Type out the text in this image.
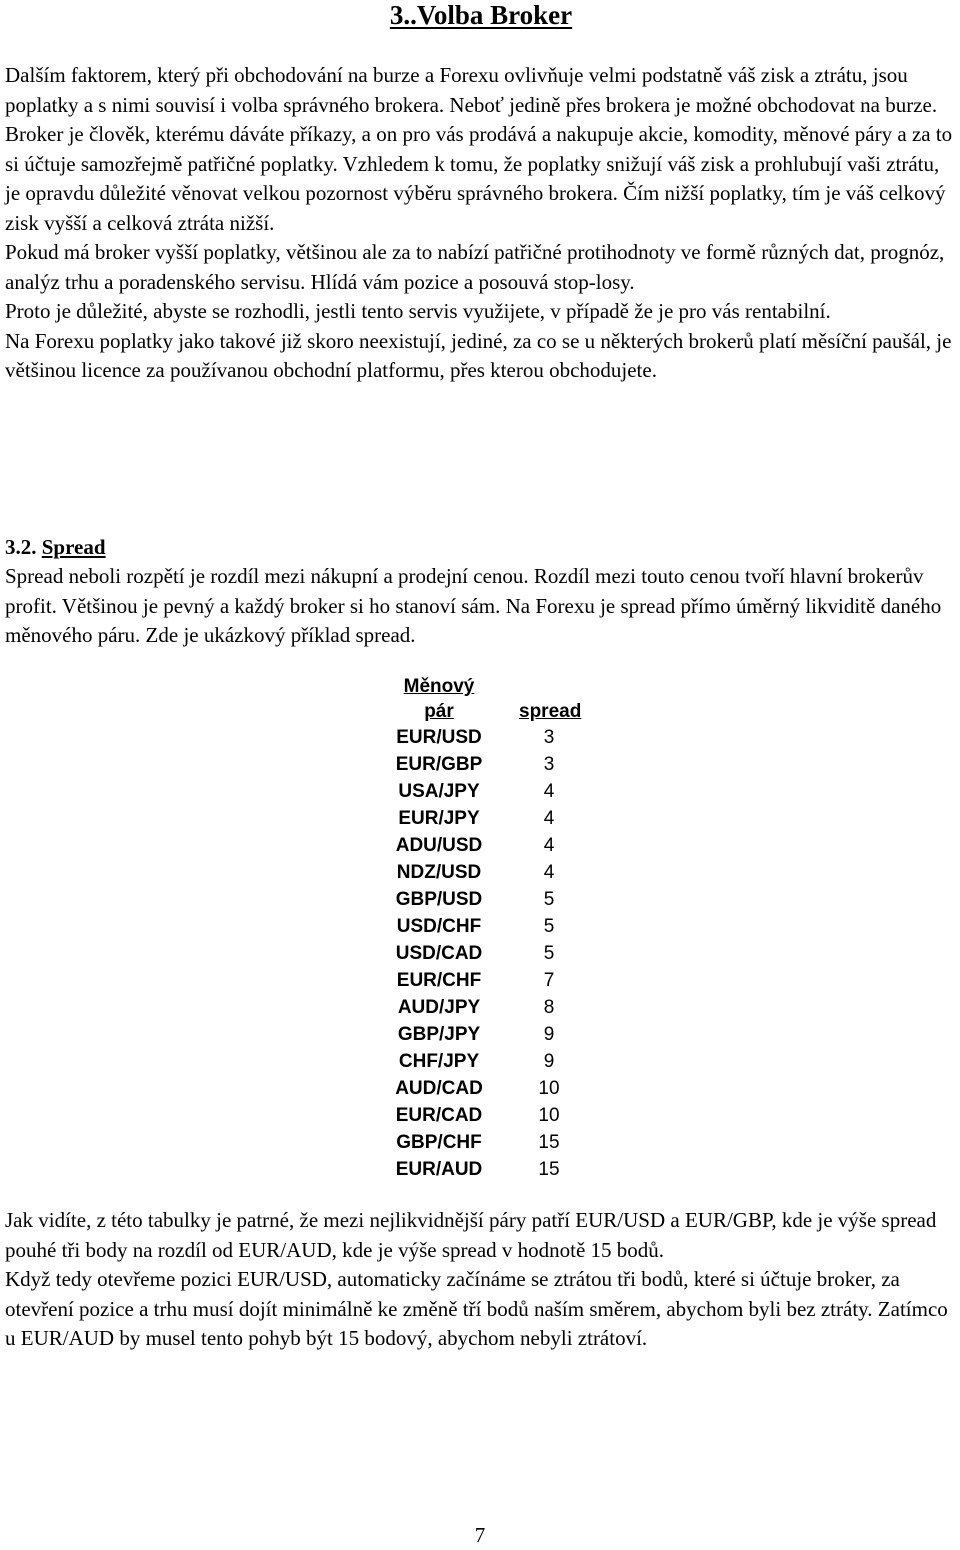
3..Volba Broker

Dalším faktorem, který při obchodování na burze a Forexu ovlivňuje velmi podstatně váš zisk a ztrátu, jsou poplatky a s nimi souvisí i volba správného brokera. Neboť jedině přes brokera je možné obchodovat na burze. Broker je člověk, kterému dáváte příkazy, a on pro vás prodává a nakupuje akcie, komodity, měnové páry a za to si účtuje samozřejmě patřičné poplatky. Vzhledem k tomu, že poplatky snižují váš zisk a prohlubují vaši ztrátu, je opravdu důležité věnovat velkou pozornost výběru správného brokera. Čím nižší poplatky, tím je váš celkový zisk vyšší a celková ztráta nižší.

Pokud má broker vyšší poplatky, většinou ale za to nabízí patřičné protihodnoty ve formě různých dat, prognóz, analýz trhu a poradenského servisu. Hlídá vám pozice a posouvá stop-losy.

Proto je důležité, abyste se rozhodli, jestli tento servis využijete, v případě že je pro vás rentabilní.

Na Forexu poplatky jako takové již skoro neexistují, jediné, za co se u některých brokerů platí měsíční paušál, je většinou licence za používanou obchodní platformu, přes kterou obchodujete.

3.2. Spread

Spread neboli rozpětí je rozdíl mezi nákupní a prodejní cenou. Rozdíl mezi touto cenou tvoří hlavní brokerův profit. Většinou je pevný a každý broker si ho stanoví sám. Na Forexu je spread přímo úměrný likviditě daného měnového páru. Zde je ukázkový příklad spread.

Měnový
pár	spread
EUR/USD	3
EUR/GBP	3
USA/JPY	4
EUR/JPY	4
ADU/USD	4
NDZ/USD	4
GBP/USD	5
USD/CHF	5
USD/CAD	5
EUR/CHF	7
AUD/JPY	8
GBP/JPY	9
CHF/JPY	9
AUD/CAD	10
EUR/CAD	10
GBP/CHF	15
EUR/AUD	15

Jak vidíte, z této tabulky je patrné, že mezi nejlikvidnější páry patří EUR/USD a EUR/GBP, kde je výše spread pouhé tři body na rozdíl od EUR/AUD, kde je výše spread v hodnotě 15 bodů.

Když tedy otevřeme pozici EUR/USD, automaticky začínáme se ztrátou tři bodů, které si účtuje broker, za otevření pozice a trhu musí dojít minimálně ke změně tří bodů naším směrem, abychom byli bez ztráty. Zatímco u EUR/AUD by musel tento pohyb být 15 bodový, abychom nebyli ztrátoví.

7
